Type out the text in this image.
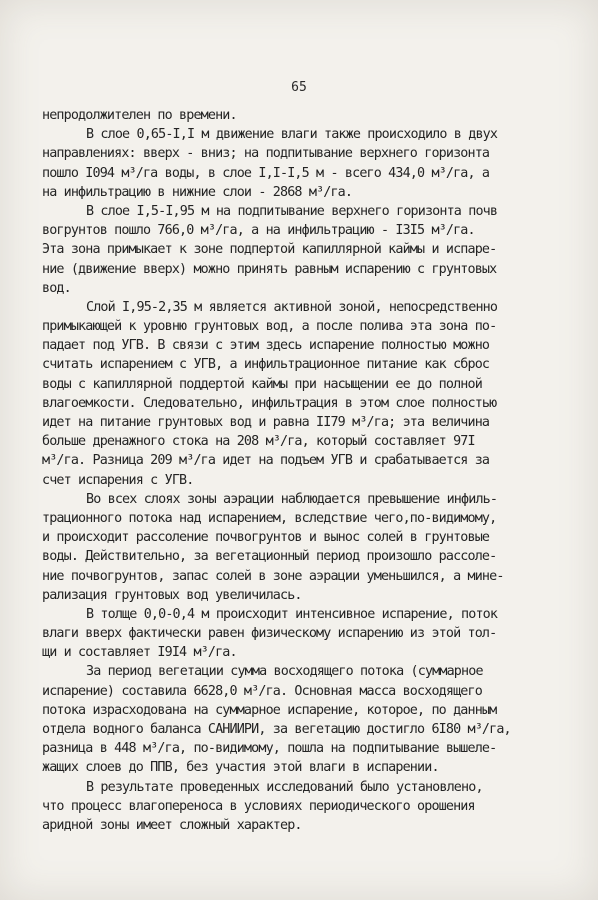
65
непродолжителен по времени.
В слое 0,65-I,I м движение влаги также происходило в двух
направлениях: вверх - вниз; на подпитывание верхнего горизонта
пошло I094 м³/га воды, в слое I,I-I,5 м - всего 434,0 м³/га, а
на инфильтрацию в нижние слои - 2868 м³/га.
В слое I,5-I,95 м на подпитывание верхнего горизонта почв
вогрунтов пошло 766,0 м³/га, а на инфильтрацию - I3I5 м³/га.
Эта зона примыкает к зоне подпертой капиллярной каймы и испаре-
ние (движение вверх) можно принять равным испарению с грунтовых
вод.
Слой I,95-2,35 м является активной зоной, непосредственно
примыкающей к уровню грунтовых вод, а после полива эта зона по-
падает под УГВ. В связи с этим здесь испарение полностью можно
считать испарением с УГВ, а инфильтрационное питание как сброс
воды с капиллярной поддертой каймы при насыщении ее до полной
влагоемкости. Следовательно, инфильтрация в этом слое полностью
идет на питание грунтовых вод и равна II79 м³/га; эта величина
больше дренажного стока на 208 м³/га, который составляет 97I
м³/га. Разница 209 м³/га идет на подъем УГВ и срабатывается за
счет испарения с УГВ.
Во всех слоях зоны аэрации наблюдается превышение инфиль-
трационного потока над испарением, вследствие чего,по-видимому,
и происходит рассоление почвогрунтов и вынос солей в грунтовые
воды. Действительно, за вегетационный период произошло рассоле-
ние почвогрунтов, запас солей в зоне аэрации уменьшился, а мине-
рализация грунтовых вод увеличилась.
В толще 0,0-0,4 м происходит интенсивное испарение, поток
влаги вверх фактически равен физическому испарению из этой тол-
щи и составляет I9I4 м³/га.
За период вегетации сумма восходящего потока (суммарное
испарение) составила 6628,0 м³/га. Основная масса восходящего
потока израсходована на суммарное испарение, которое, по данным
отдела водного баланса САНИИРИ, за вегетацию достигло 6I80 м³/га,
разница в 448 м³/га, по-видимому, пошла на подпитывание вышеле-
жащих слоев до ППВ, без участия этой влаги в испарении.
В результате проведенных исследований было установлено,
что процесс влагопереноса в условиях периодического орошения
аридной зоны имеет сложный характер.
